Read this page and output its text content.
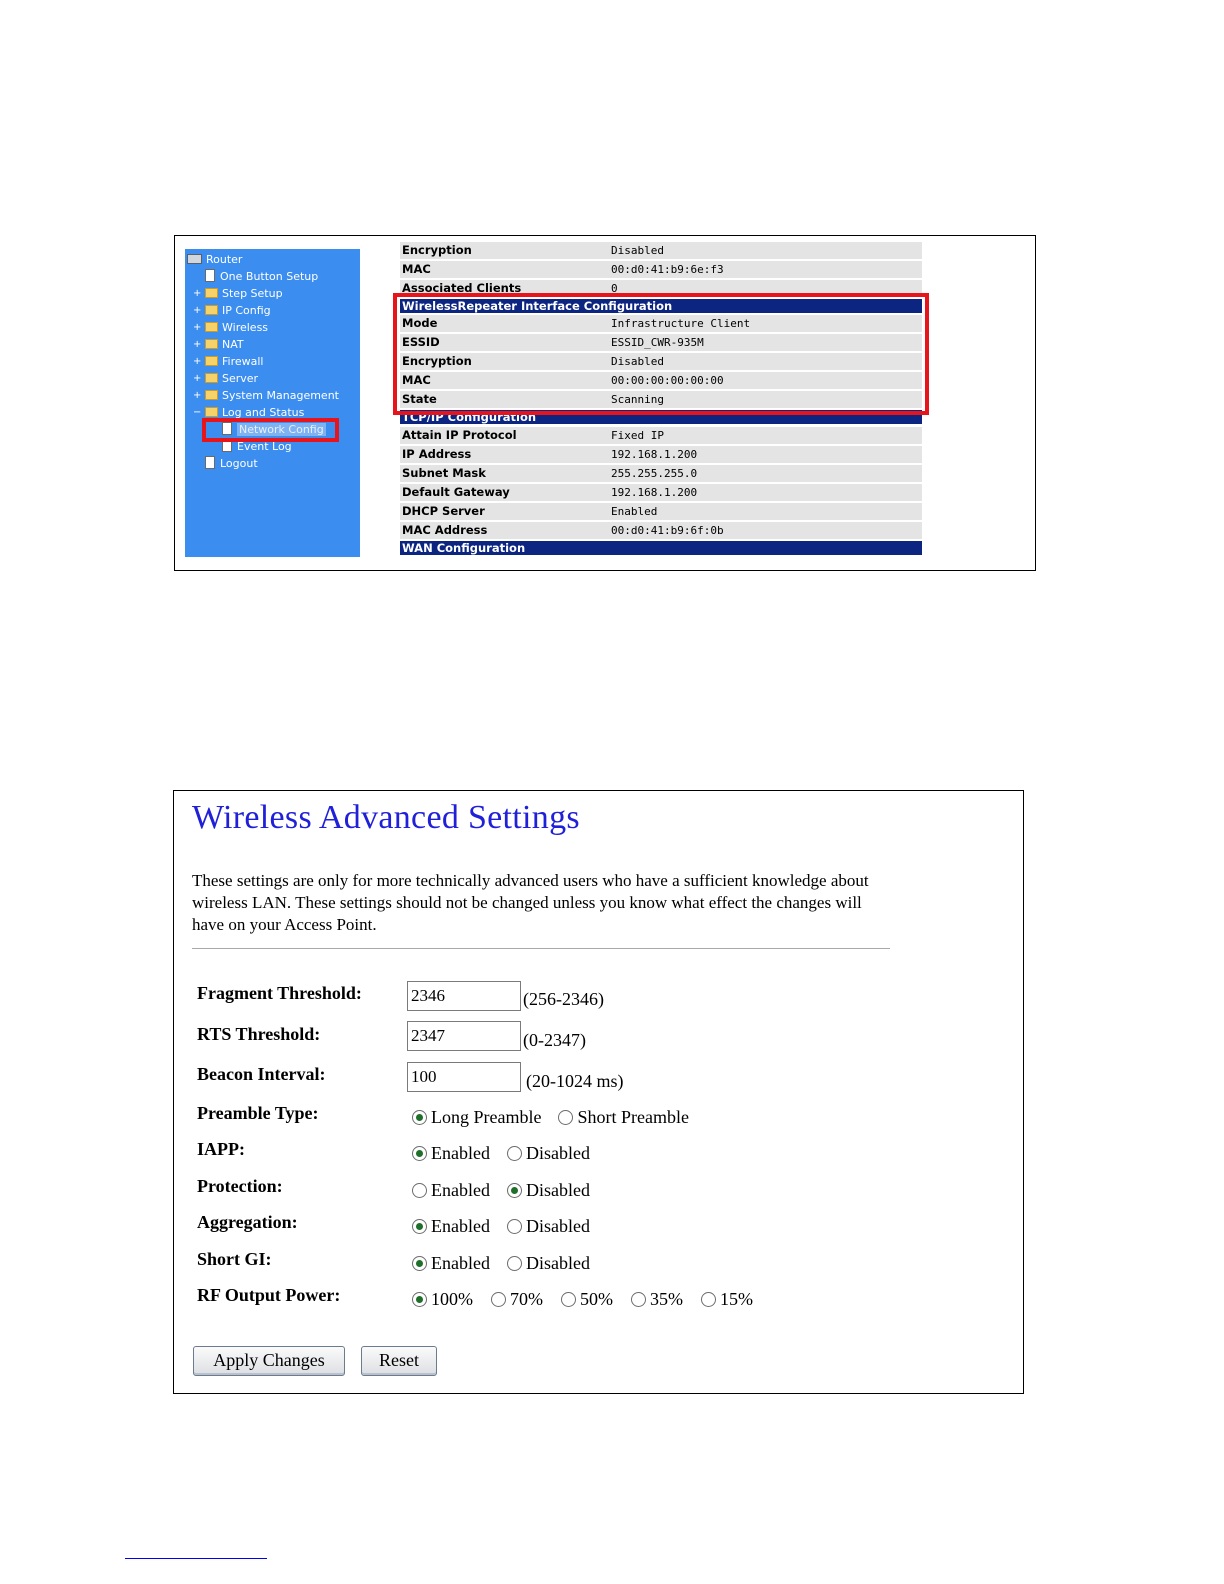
Router
One Button Setup
+ Step Setup
+ IP Config
+ Wireless
+ NAT
+ Firewall
+ Server
+ System Management
− Log and Status
Network Config
Event Log
Logout
Encryption	Disabled
MAC	00:d0:41:b9:6e:f3
Associated Clients	0
WirelessRepeater Interface Configuration
Mode	Infrastructure Client
ESSID	ESSID_CWR-935M
Encryption	Disabled
MAC	00:00:00:00:00:00
State	Scanning
TCP/IP Configuration
Attain IP Protocol	Fixed IP
IP Address	192.168.1.200
Subnet Mask	255.255.255.0
Default Gateway	192.168.1.200
DHCP Server	Enabled
MAC Address	00:d0:41:b9:6f:0b
WAN Configuration
Wireless Advanced Settings
These settings are only for more technically advanced users who have a sufficient knowledge about wireless LAN. These settings should not be changed unless you know what effect the changes will have on your Access Point.
Fragment Threshold:
2346	(256-2346)
RTS Threshold:
2347	(0-2347)
Beacon Interval:
100	(20-1024 ms)
Preamble Type:	Long Preamble Short Preamble
IAPP:	Enabled Disabled
Protection:	Enabled Disabled
Aggregation:	Enabled Disabled
Short GI:	Enabled Disabled
RF Output Power:	100% 70% 50% 35% 15%
Apply Changes	Reset
